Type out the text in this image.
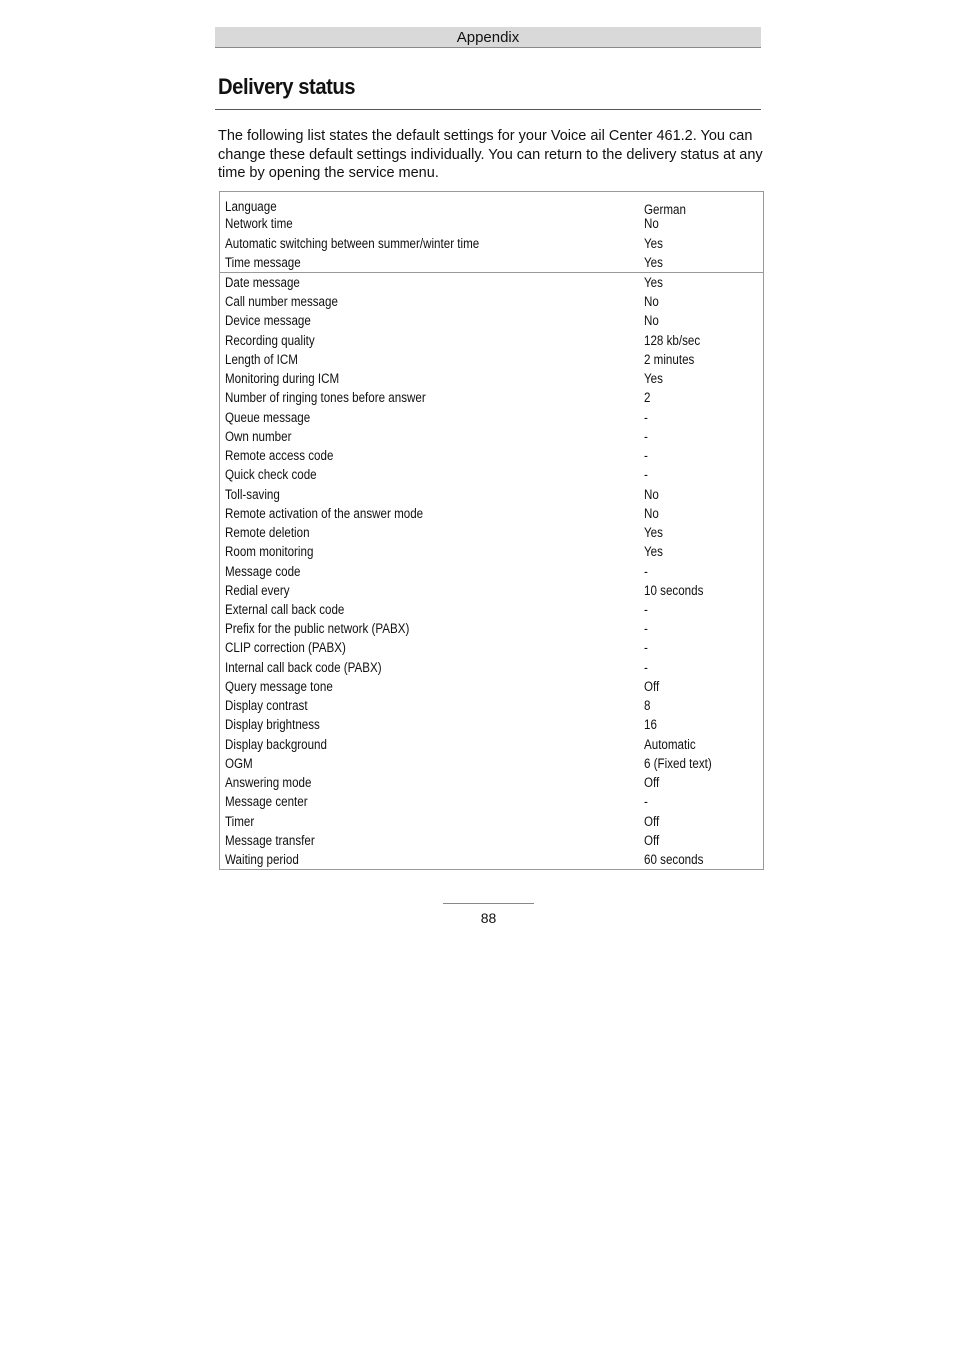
Appendix
Delivery status

The following list states the default settings for your Voice ail Center 461.2. You can change these default settings individually. You can return to the delivery status at any time by opening the service menu.

Language	German
Network time	No
Automatic switching between summer/winter time	Yes
Time message	Yes
Date message	Yes
Call number message	No
Device message	No
Recording quality	128 kb/sec
Length of ICM	2 minutes
Monitoring during ICM	Yes
Number of ringing tones before answer	2
Queue message	-
Own number	-
Remote access code	-
Quick check code	-
Toll-saving	No
Remote activation of the answer mode	No
Remote deletion	Yes
Room monitoring	Yes
Message code	-
Redial every	10 seconds
External call back code	-
Prefix for the public network (PABX)	-
CLIP correction (PABX)	-
Internal call back code (PABX)	-
Query message tone	Off
Display contrast	8
Display brightness	16
Display background	Automatic
OGM	6 (Fixed text)
Answering mode	Off
Message center	-
Timer	Off
Message transfer	Off
Waiting period	60 seconds
88
